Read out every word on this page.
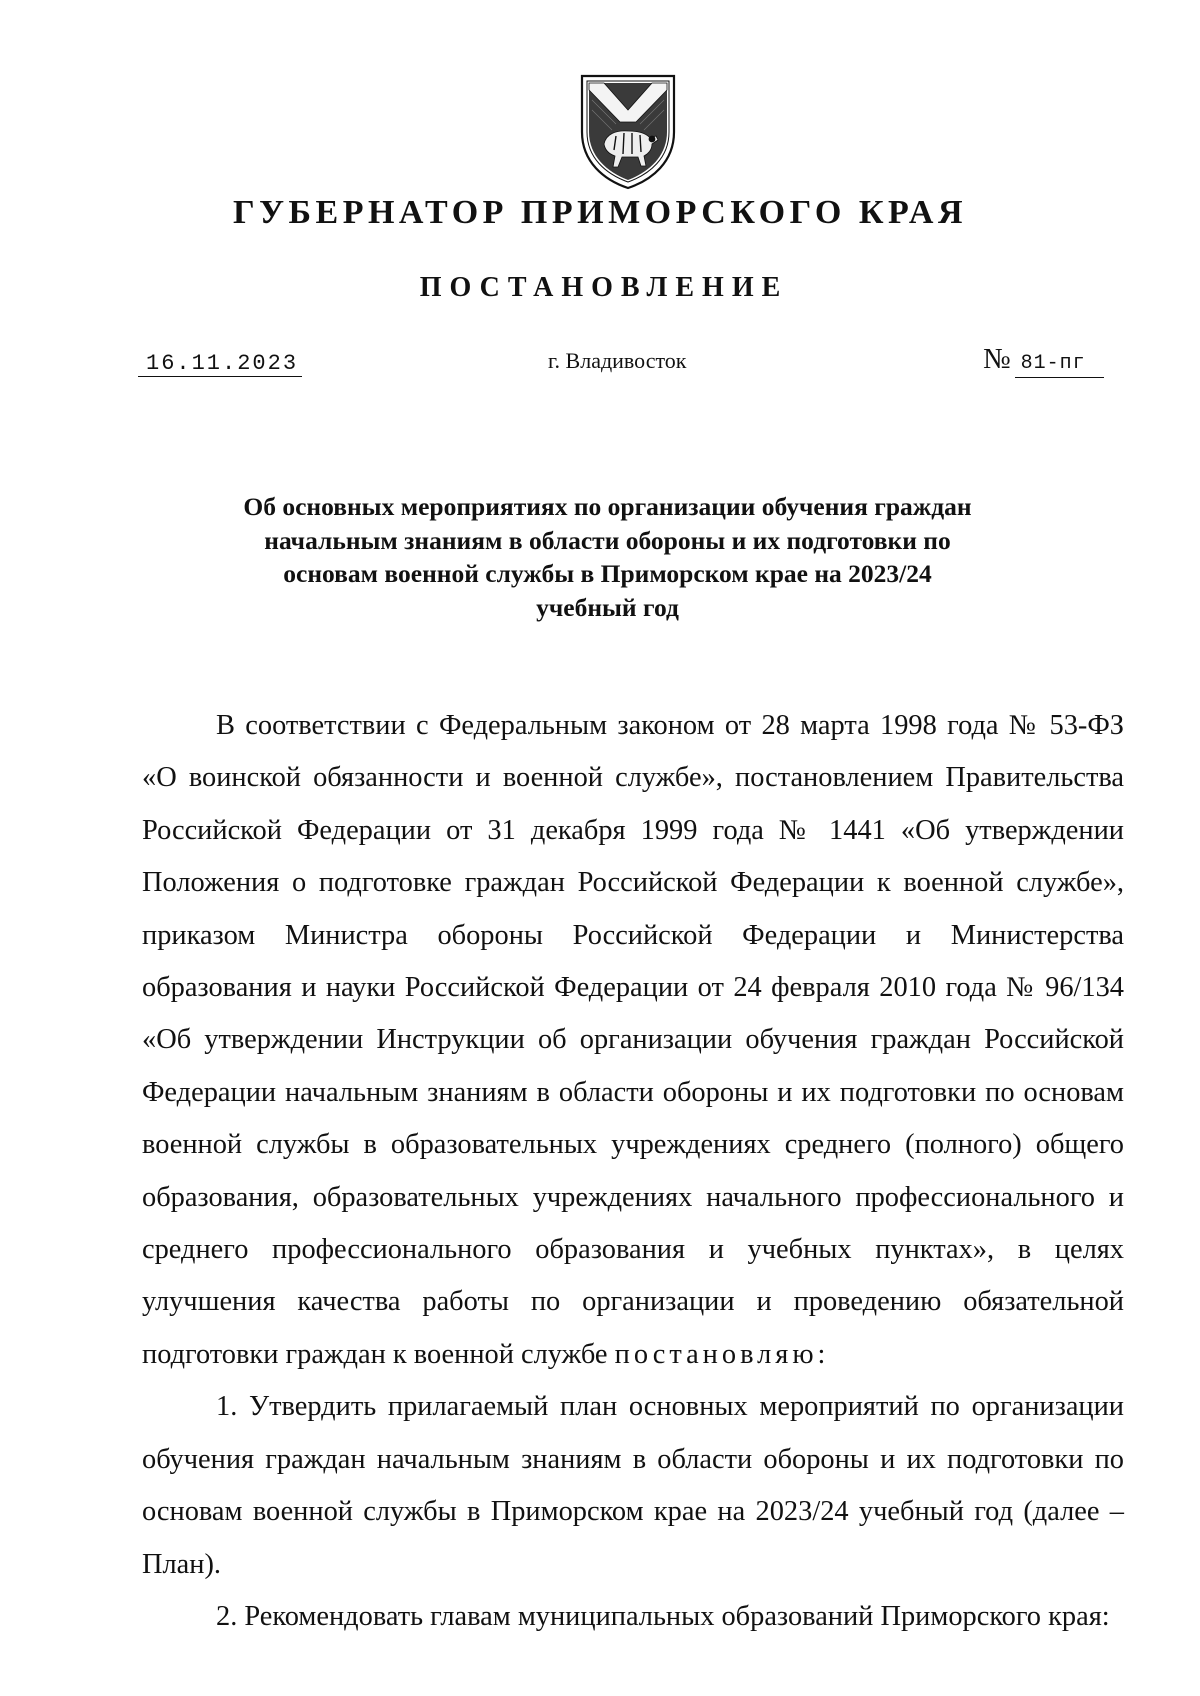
ГУБЕРНАТОР ПРИМОРСКОГО КРАЯ
ПОСТАНОВЛЕНИЕ
16.11.2023	г. Владивосток	№ 81-пг

Об основных мероприятиях по организации обучения граждан начальным знаниям в области обороны и их подготовки по основам военной службы в Приморском крае на 2023/24 учебный год

В соответствии с Федеральным законом от 28 марта 1998 года № 53-ФЗ «О воинской обязанности и военной службе», постановлением Правительства Российской Федерации от 31 декабря 1999 года № 1441 «Об утверждении Положения о подготовке граждан Российской Федерации к военной службе», приказом Министра обороны Российской Федерации и Министерства образования и науки Российской Федерации от 24 февраля 2010 года № 96/134 «Об утверждении Инструкции об организации обучения граждан Российской Федерации начальным знаниям в области обороны и их подготовки по основам военной службы в образовательных учреждениях среднего (полного) общего образования, образовательных учреждениях начального профессионального и среднего профессионального образования и учебных пунктах», в целях улучшения качества работы по организации и проведению обязательной подготовки граждан к военной службе постановляю:

1. Утвердить прилагаемый план основных мероприятий по организации обучения граждан начальным знаниям в области обороны и их подготовки по основам военной службы в Приморском крае на 2023/24 учебный год (далее – План).

2. Рекомендовать главам муниципальных образований Приморского края:
